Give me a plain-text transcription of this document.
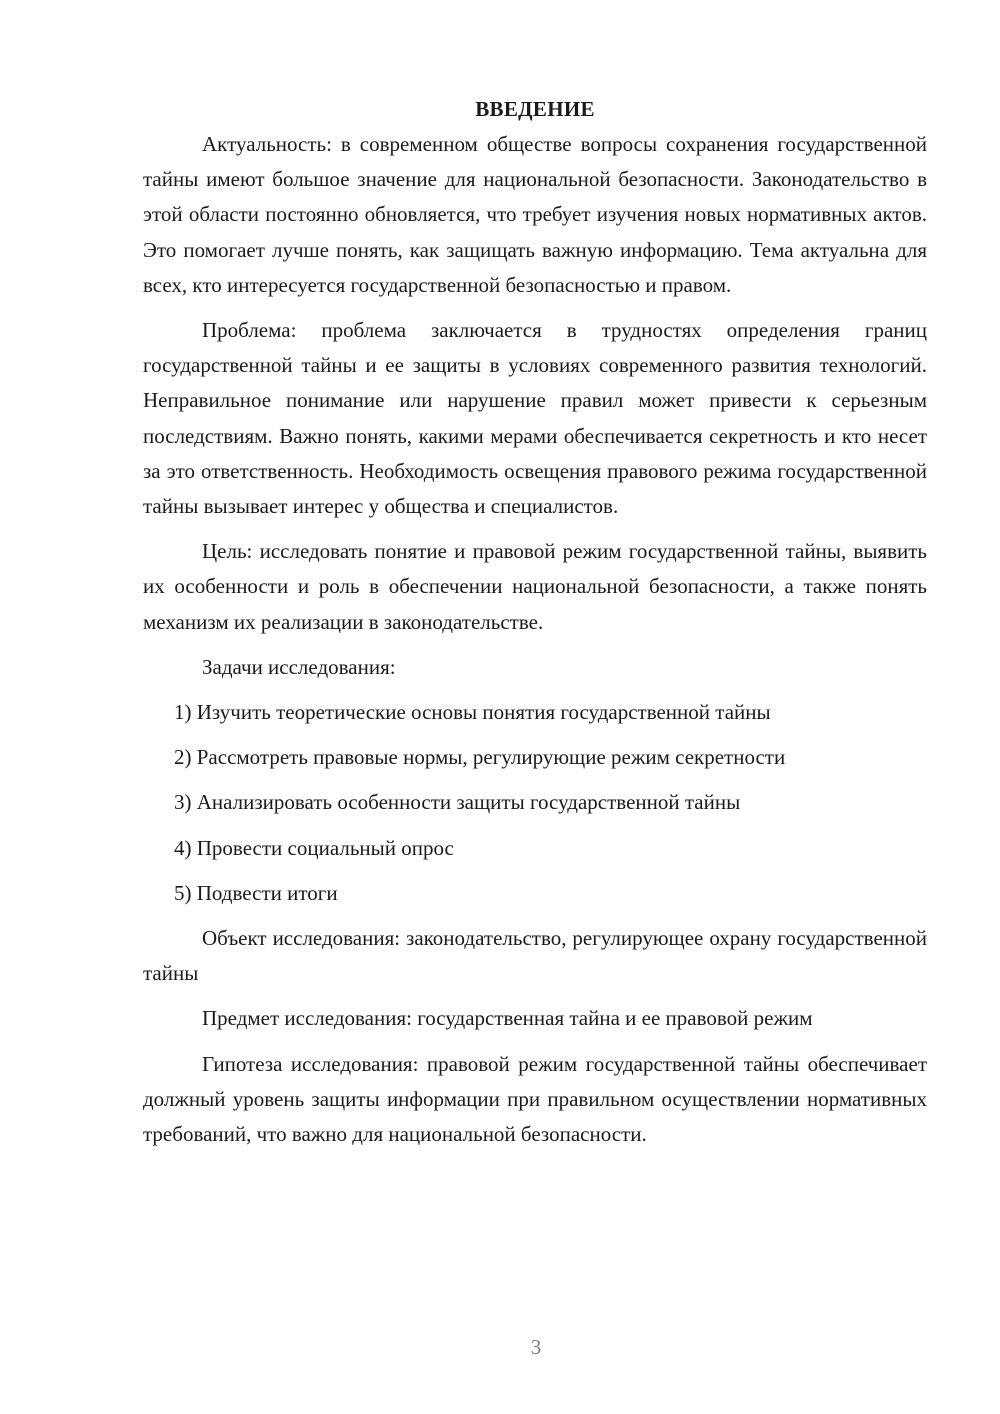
ВВЕДЕНИЕ

Актуальность: в современном обществе вопросы сохранения государственной тайны имеют большое значение для национальной безопасности. Законодательство в этой области постоянно обновляется, что требует изучения новых нормативных актов. Это помогает лучше понять, как защищать важную информацию. Тема актуальна для всех, кто интересуется государственной безопасностью и правом.

Проблема: проблема заключается в трудностях определения границ государственной тайны и ее защиты в условиях современного развития технологий. Неправильное понимание или нарушение правил может привести к серьезным последствиям. Важно понять, какими мерами обеспечивается секретность и кто несет за это ответственность. Необходимость освещения правового режима государственной тайны вызывает интерес у общества и специалистов.

Цель: исследовать понятие и правовой режим государственной тайны, выявить их особенности и роль в обеспечении национальной безопасности, а также понять механизм их реализации в законодательстве.

Задачи исследования:

1) Изучить теоретические основы понятия государственной тайны
2) Рассмотреть правовые нормы, регулирующие режим секретности
3) Анализировать особенности защиты государственной тайны
4) Провести социальный опрос
5) Подвести итоги

Объект исследования: законодательство, регулирующее охрану государственной тайны

Предмет исследования: государственная тайна и ее правовой режим

Гипотеза исследования: правовой режим государственной тайны обеспечивает должный уровень защиты информации при правильном осуществлении нормативных требований, что важно для национальной безопасности.

3
